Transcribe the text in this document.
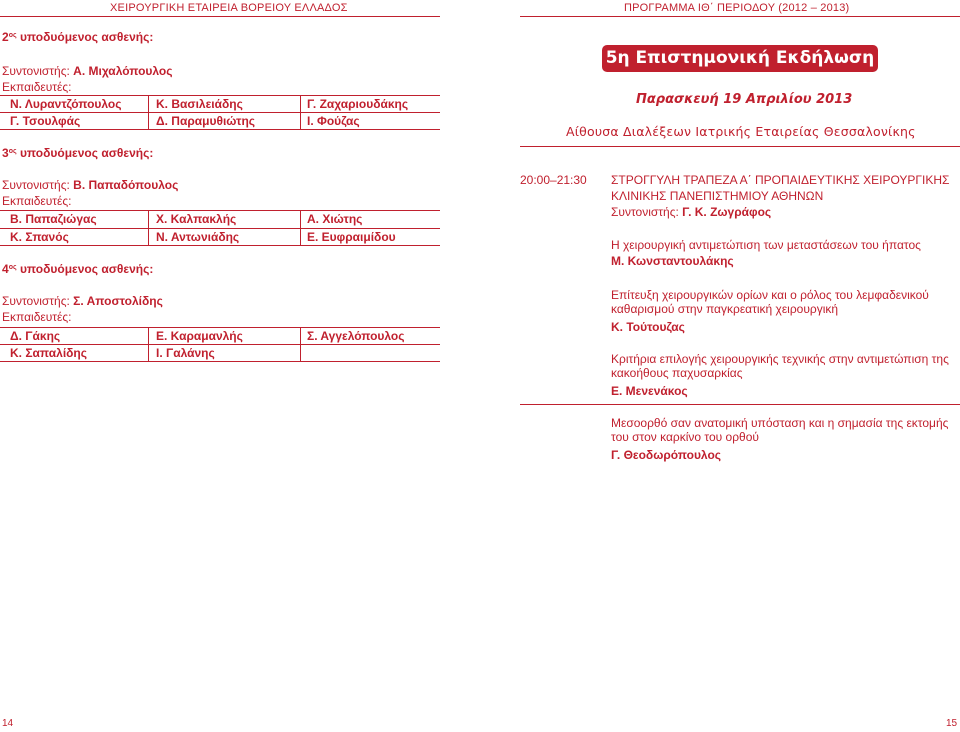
ΧΕΙΡΟΥΡΓΙΚΗ ΕΤΑΙΡΕΙΑ ΒΟΡΕΙΟΥ ΕΛΛΑΔΟΣ	ΠΡΟΓΡΑΜΜΑ ΙΘ΄ ΠΕΡΙΟΔΟΥ (2012 – 2013)
$2^{o\varsigma}$ υποδυόμενος ασθενής:
Συντονιστής: Α. Μιχαλόπουλος
Εκπαιδευτές:
Ν. Λυραντζόπουλος	Κ. Βασιλειάδης	Γ. Ζαχαριουδάκης
Γ. Τσουλφάς	Δ. Παραμυθιώτης	Ι. Φούζας
$3^{o\varsigma}$ υποδυόμενος ασθενής:
Συντονιστής: Β. Παπαδόπουλος
Εκπαιδευτές:
Β. Παπαζιώγας	Χ. Καλπακλής	Α. Χιώτης
Κ. Σπανός	Ν. Αντωνιάδης	Ε. Ευφραιμίδου
$4^{o\varsigma}$ υποδυόμενος ασθενής:
Συντονιστής: Σ. Αποστολίδης
Εκπαιδευτές:
Δ. Γάκης	Ε. Καραμανλής	Σ. Αγγελόπουλος
Κ. Σαπαλίδης	Ι. Γαλάνης
5η Επιστημονική Εκδήλωση
Παρασκευή 19 Απριλίου 2013
Αίθουσα Διαλέξεων Ιατρικής Εταιρείας Θεσσαλονίκης
20:00–21:30 ΣΤΡΟΓΓΥΛΗ ΤΡΑΠΕΖΑ Α΄ ΠΡΟΠΑΙΔΕΥΤΙΚΗΣ ΧΕΙΡΟΥΡΓΙΚΗΣ
ΚΛΙΝΙΚΗΣ ΠΑΝΕΠΙΣΤΗΜΙΟΥ ΑΘΗΝΩΝ
Συντονιστής: Γ. Κ. Ζωγράφος
Η χειρουργική αντιμετώπιση των μεταστάσεων του ήπατος
Μ. Κωνσταντουλάκης
Επίτευξη χειρουργικών ορίων και ο ρόλος του λεμφαδενικού καθαρισμού στην παγκρεατική χειρουργική
Κ. Τούτουζας
Κριτήρια επιλογής χειρουργικής τεχνικής στην αντιμετώπιση της κακοήθους παχυσαρκίας
Ε. Μενενάκος
Μεσοορθό σαν ανατομική υπόσταση και η σημασία της εκτομής του στον καρκίνο του ορθού
Γ. Θεοδωρόπουλος
14	15
